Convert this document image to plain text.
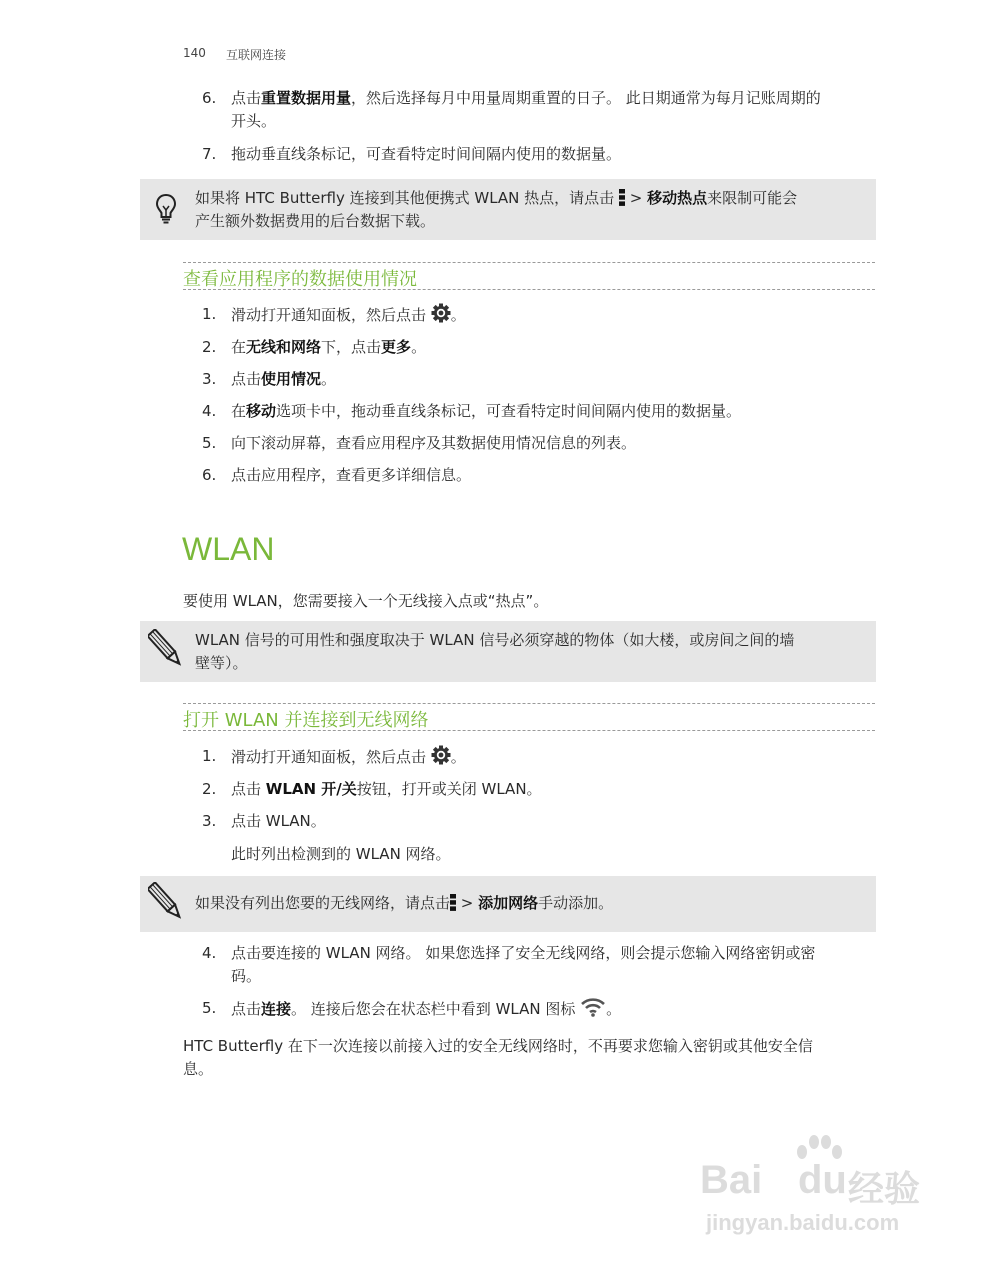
140 互联网连接
6. 点击重置数据用量，然后选择每月中用量周期重置的日子。 此日期通常为每月记账周期的
开头。
7. 拖动垂直线条标记，可查看特定时间间隔内使用的数据量。
如果将 HTC Butterfly 连接到其他便携式 WLAN 热点，请点击  > 移动热点来限制可能会
产生额外数据费用的后台数据下载。
查看应用程序的数据使用情况
1. 滑动打开通知面板，然后点击 。
2. 在无线和网络下，点击更多。
3. 点击使用情况。
4. 在移动选项卡中，拖动垂直线条标记，可查看特定时间间隔内使用的数据量。
5. 向下滚动屏幕，查看应用程序及其数据使用情况信息的列表。
6. 点击应用程序，查看更多详细信息。
WLAN
要使用 WLAN，您需要接入一个无线接入点或“热点”。
WLAN 信号的可用性和强度取决于 WLAN 信号必须穿越的物体（如大楼，或房间之间的墙
壁等）。
打开 WLAN 并连接到无线网络
1. 滑动打开通知面板，然后点击 。
2. 点击 WLAN 开/关按钮，打开或关闭 WLAN。
3. 点击 WLAN。
此时列出检测到的 WLAN 网络。
如果没有列出您要的无线网络，请点击 > 添加网络手动添加。
4. 点击要连接的 WLAN 网络。 如果您选择了安全无线网络，则会提示您输入网络密钥或密
码。
5. 点击连接。 连接后您会在状态栏中看到 WLAN 图标 。
HTC Butterfly 在下一次连接以前接入过的安全无线网络时，不再要求您输入密钥或其他安全信
息。
Bai du 经验
jingyan.baidu.com
